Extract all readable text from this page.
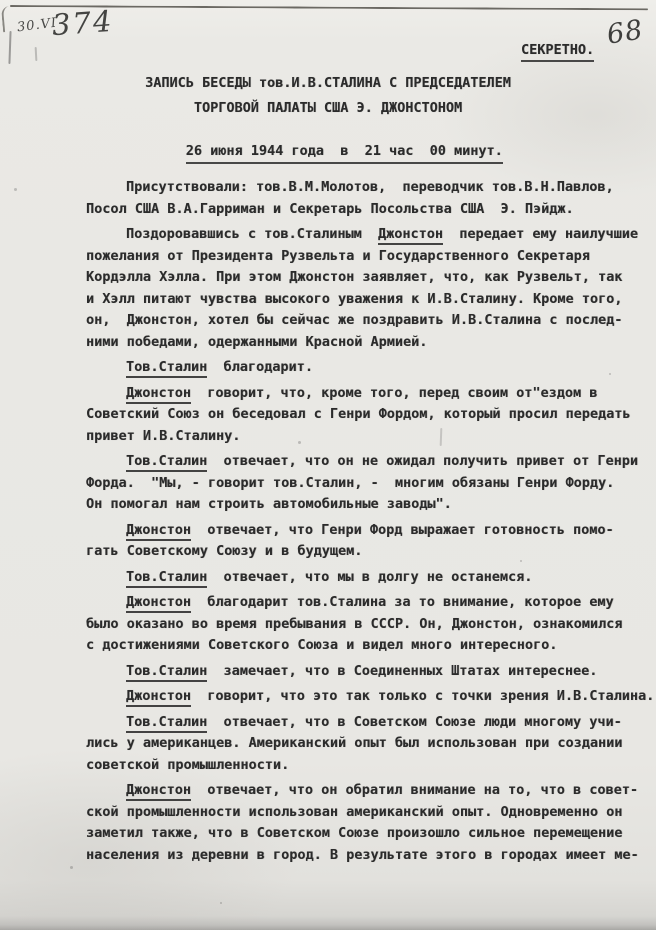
30.VI
374	68
СЕКРЕТНО.
ЗАПИСЬ БЕСЕДЫ тов.И.В.СТАЛИНА С ПРЕДСЕДАТЕЛЕМ
ТОРГОВОЙ ПАЛАТЫ США Э. ДЖОНСТОНОМ

26 июня 1944 года  в  21 час  00 минут.

Присутствовали: тов.В.М.Молотов,  переводчик тов.В.Н.Павлов,
Посол США В.А.Гарриман и Секретарь Посольства США  Э. Пэйдж.
Поздоровавшись с тов.Сталиным  Джонстон  передает ему наилучшие
пожелания от Президента Рузвельта и Государственного Секретаря
Кордэлла Хэлла. При этом Джонстон заявляет, что, как Рузвельт, так
и Хэлл питают чувства высокого уважения к И.В.Сталину. Кроме того,
он,  Джонстон, хотел бы сейчас же поздравить И.В.Сталина с послед-
ними победами, одержанными Красной Армией.
Тов.Сталин  благодарит.
Джонстон  говорит, что, кроме того, перед своим от"ездом в
Советский Союз он беседовал с Генри Фордом, который просил передать
привет И.В.Сталину.
Тов.Сталин  отвечает, что он не ожидал получить привет от Генри
Форда.  "Мы, - говорит тов.Сталин, -  многим обязаны Генри Форду.
Он помогал нам строить автомобильные заводы".
Джонстон  отвечает, что Генри Форд выражает готовность помо-
гать Советскому Союзу и в будущем.
Тов.Сталин  отвечает, что мы в долгу не останемся.
Джонстон  благодарит тов.Сталина за то внимание, которое ему
было оказано во время пребывания в СССР. Он, Джонстон, ознакомился
с достижениями Советского Союза и видел много интересного.
Тов.Сталин  замечает, что в Соединенных Штатах интереснее.
Джонстон  говорит, что это так только с точки зрения И.В.Сталина.
Тов.Сталин  отвечает, что в Советском Союзе люди многому учи-
лись у американцев. Американский опыт был использован при создании
советской промышленности.
Джонстон  отвечает, что он обратил внимание на то, что в совет-
ской промышленности использован американский опыт. Одновременно он
заметил также, что в Советском Союзе произошло сильное перемещение
населения из деревни в город. В результате этого в городах имеет ме-
